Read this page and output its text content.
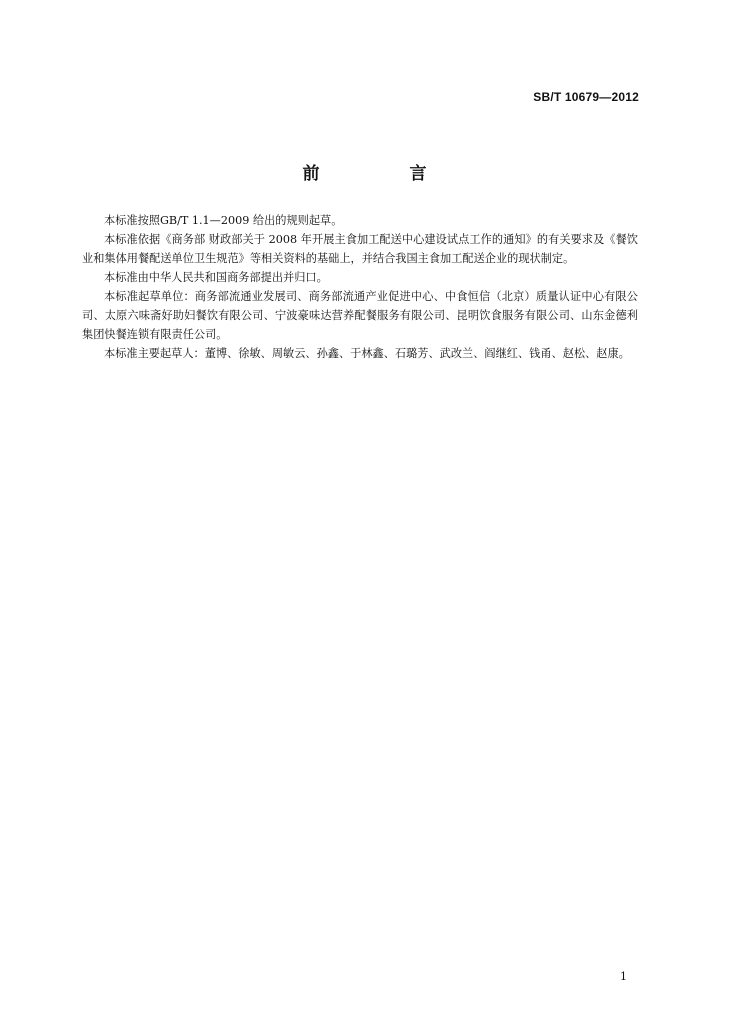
SB/T 10679—2012
前 言

本标准按照GB/T 1.1—2009 给出的规则起草。

本标准依据《商务部 财政部关于 2008 年开展主食加工配送中心建设试点工作的通知》的有关要求及《餐饮业和集体用餐配送单位卫生规范》等相关资料的基础上，并结合我国主食加工配送企业的现状制定。

本标准由中华人民共和国商务部提出并归口。

本标准起草单位：商务部流通业发展司、商务部流通产业促进中心、中食恒信（北京）质量认证中心有限公司、太原六味斋好助妇餐饮有限公司、宁波豪味达营养配餐服务有限公司、昆明饮食服务有限公司、山东金德利集团快餐连锁有限责任公司。

本标准主要起草人：董博、徐敏、周敏云、孙鑫、于林鑫、石璐芳、武改兰、阎继红、钱甬、赵松、赵康。

1
